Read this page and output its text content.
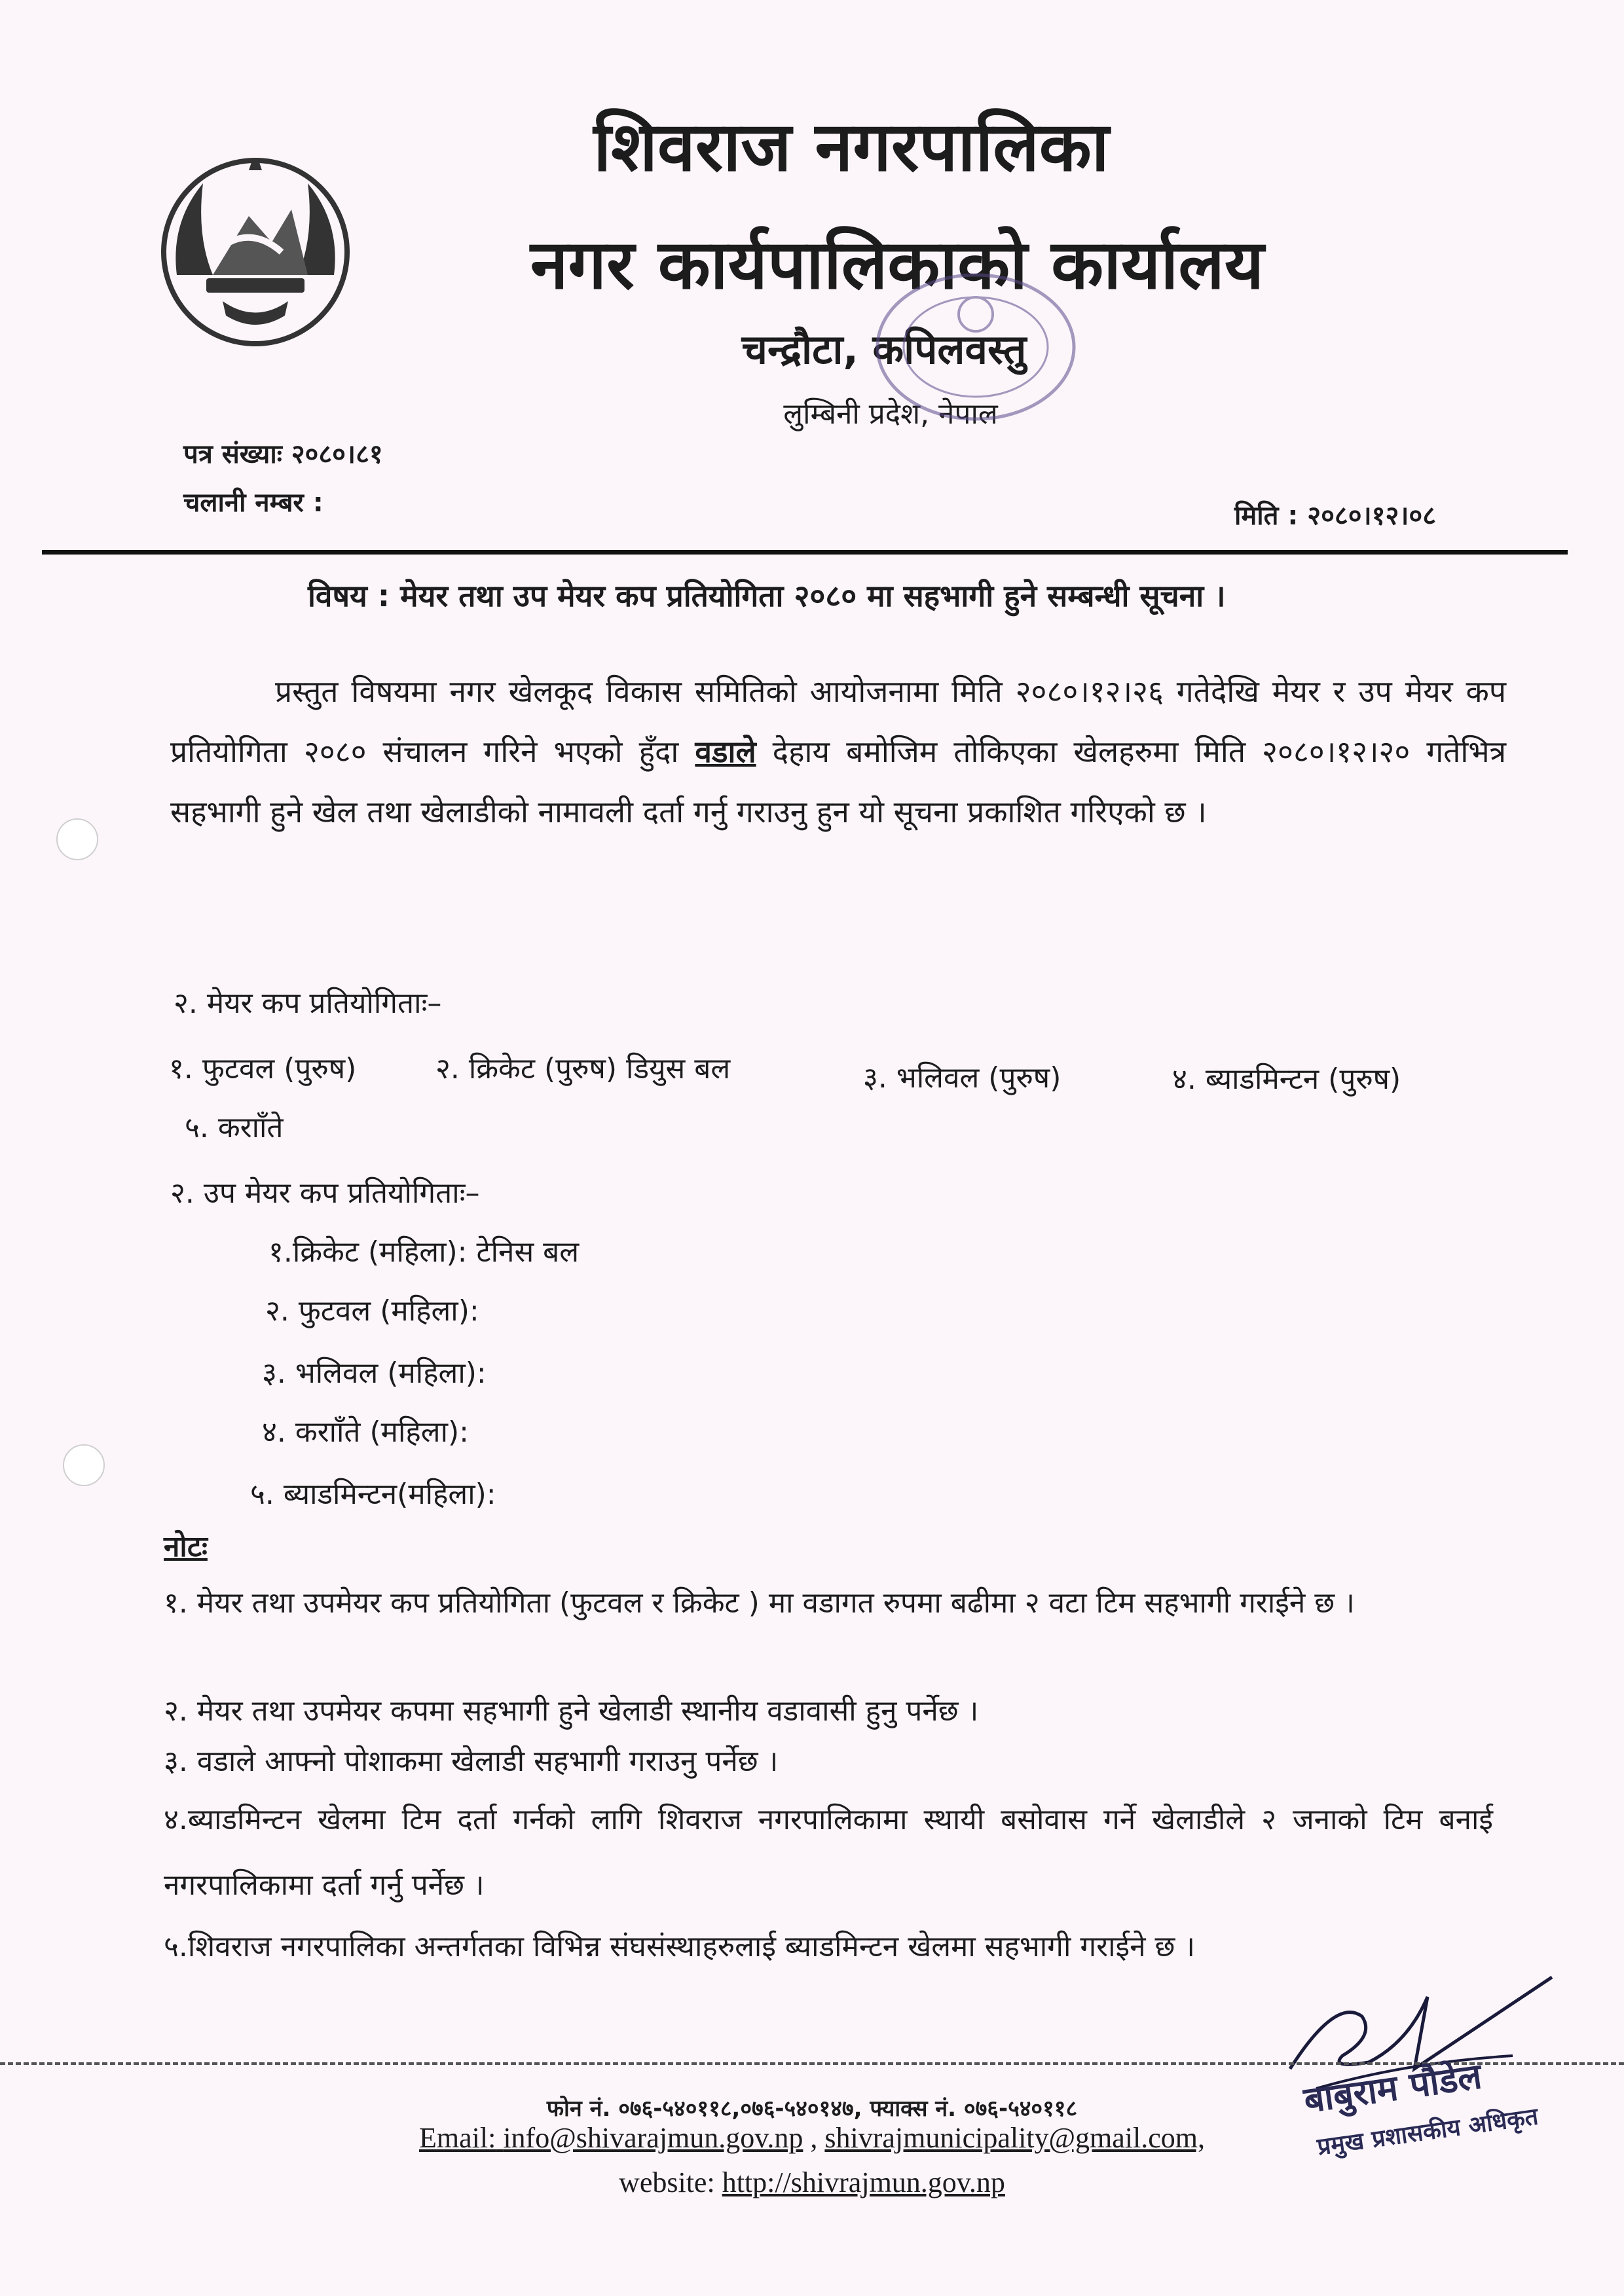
शिवराज नगरपालिका
नगर कार्यपालिकाको कार्यालय
चन्द्रौटा, कपिलवस्तु
लुम्बिनी प्रदेश, नेपाल
पत्र संख्याः २०८०।८१
चलानी नम्बर :	मिति : २०८०।१२।०८
विषय : मेयर तथा उप मेयर कप प्रतियोगिता २०८० मा सहभागी हुने सम्बन्धी सूचना ।
प्रस्तुत विषयमा नगर खेलकूद विकास समितिको आयोजनामा मिति २०८०।१२।२६ गतेदेखि मेयर र उप मेयर कप प्रतियोगिता २०८० संचालन गरिने भएको हुँदा वडाले देहाय बमोजिम तोकिएका खेलहरुमा मिति २०८०।१२।२० गतेभित्र सहभागी हुने खेल तथा खेलाडीको नामावली दर्ता गर्नु गराउनु हुन यो सूचना प्रकाशित गरिएको छ ।
२. मेयर कप प्रतियोगिताः–
१. फुटवल (पुरुष)	२. क्रिकेट (पुरुष) डियुस बल	३. भलिवल (पुरुष)	४. ब्याडमिन्टन (पुरुष)
५. करााँते
२. उप मेयर कप प्रतियोगिताः–
१.क्रिकेट (महिला): टेनिस बल
२. फुटवल (महिला):
३. भलिवल (महिला):
४. करााँते (महिला):
५. ब्याडमिन्टन(महिला):
नोटः
१. मेयर तथा उपमेयर कप प्रतियोगिता (फुटवल र क्रिकेट ) मा वडागत रुपमा बढीमा २ वटा टिम सहभागी गराईने छ ।
२. मेयर तथा उपमेयर कपमा सहभागी हुने खेलाडी स्थानीय वडावासी हुनु पर्नेछ ।
३. वडाले आफ्नो पोशाकमा खेलाडी सहभागी गराउनु पर्नेछ ।
४.ब्याडमिन्टन खेलमा टिम दर्ता गर्नको लागि शिवराज नगरपालिकामा स्थायी बसोवास गर्ने खेलाडीले २ जनाको टिम बनाई नगरपालिकामा दर्ता गर्नु पर्नेछ ।
५.शिवराज नगरपालिका अन्तर्गतका विभिन्न संघसंस्थाहरुलाई ब्याडमिन्टन खेलमा सहभागी गराईने छ ।
बाबुराम पौडेल
प्रमुख प्रशासकीय अधिकृत
फोन नं. ०७६-५४०११८,०७६-५४०१४७, फ्याक्स नं. ०७६-५४०११८
Email: info@shivarajmun.gov.np , shivrajmunicipality@gmail.com,
website: http://shivrajmun.gov.np
